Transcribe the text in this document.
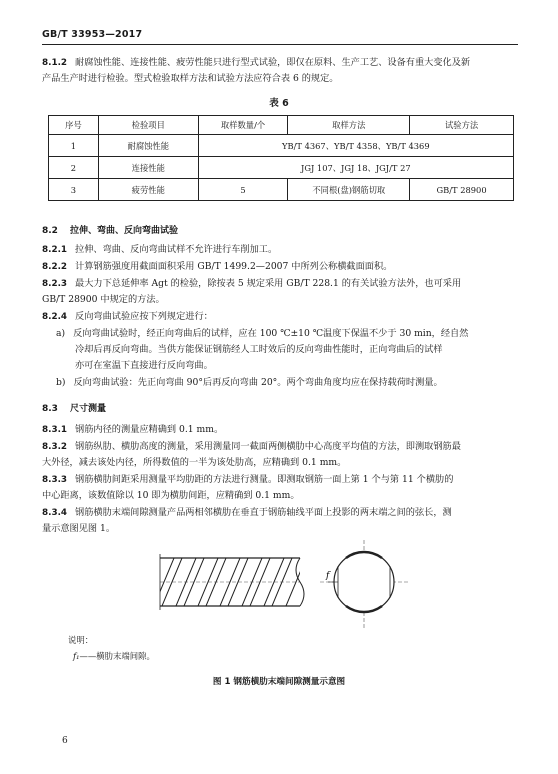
GB/T 33953—2017
8.1.2 耐腐蚀性能、连接性能、疲劳性能只进行型式试验，即仅在原料、生产工艺、设备有重大变化及新
产品生产时进行检验。型式检验取样方法和试验方法应符合表 6 的规定。
表 6
序号	检验项目	取样数量/个	取样方法	试验方法
1	耐腐蚀性能	YB/T 4367、YB/T 4358、YB/T 4369		
2	连接性能	JGJ 107、JGJ 18、JGJ/T 27		
3	疲劳性能	5	不同根(盘)钢筋切取	GB/T 28900
8.2 拉伸、弯曲、反向弯曲试验
8.2.1 拉伸、弯曲、反向弯曲试样不允许进行车削加工。
8.2.2 计算钢筋强度用截面面积采用 GB/T 1499.2—2007 中所列公称横截面面积。
8.2.3 最大力下总延伸率 Agt 的检验，除按表 5 规定采用 GB/T 228.1 的有关试验方法外，也可采用
GB/T 28900 中规定的方法。
8.2.4 反向弯曲试验应按下列规定进行：
a) 反向弯曲试验时，经正向弯曲后的试样，应在 100 ℃±10 ℃温度下保温不少于 30 min，经自然
冷却后再反向弯曲。当供方能保证钢筋经人工时效后的反向弯曲性能时，正向弯曲后的试样
亦可在室温下直接进行反向弯曲。
b) 反向弯曲试验：先正向弯曲 90°后再反向弯曲 20°。两个弯曲角度均应在保持载荷时测量。
8.3 尺寸测量
8.3.1 钢筋内径的测量应精确到 0.1 mm。
8.3.2 钢筋纵肋、横肋高度的测量，采用测量同一截面两侧横肋中心高度平均值的方法，即测取钢筋最
大外径，减去该处内径，所得数值的一半为该处肋高，应精确到 0.1 mm。
8.3.3 钢筋横肋间距采用测量平均肋距的方法进行测量。即测取钢筋一面上第 1 个与第 11 个横肋的
中心距离，该数值除以 10 即为横肋间距，应精确到 0.1 mm。
8.3.4 钢筋横肋末端间隙测量产品两相邻横肋在垂直于钢筋轴线平面上投影的两末端之间的弦长，测
量示意图见图 1。
f
说明：
f₁——横肋末端间隙。
图 1 钢筋横肋末端间隙测量示意图
6
